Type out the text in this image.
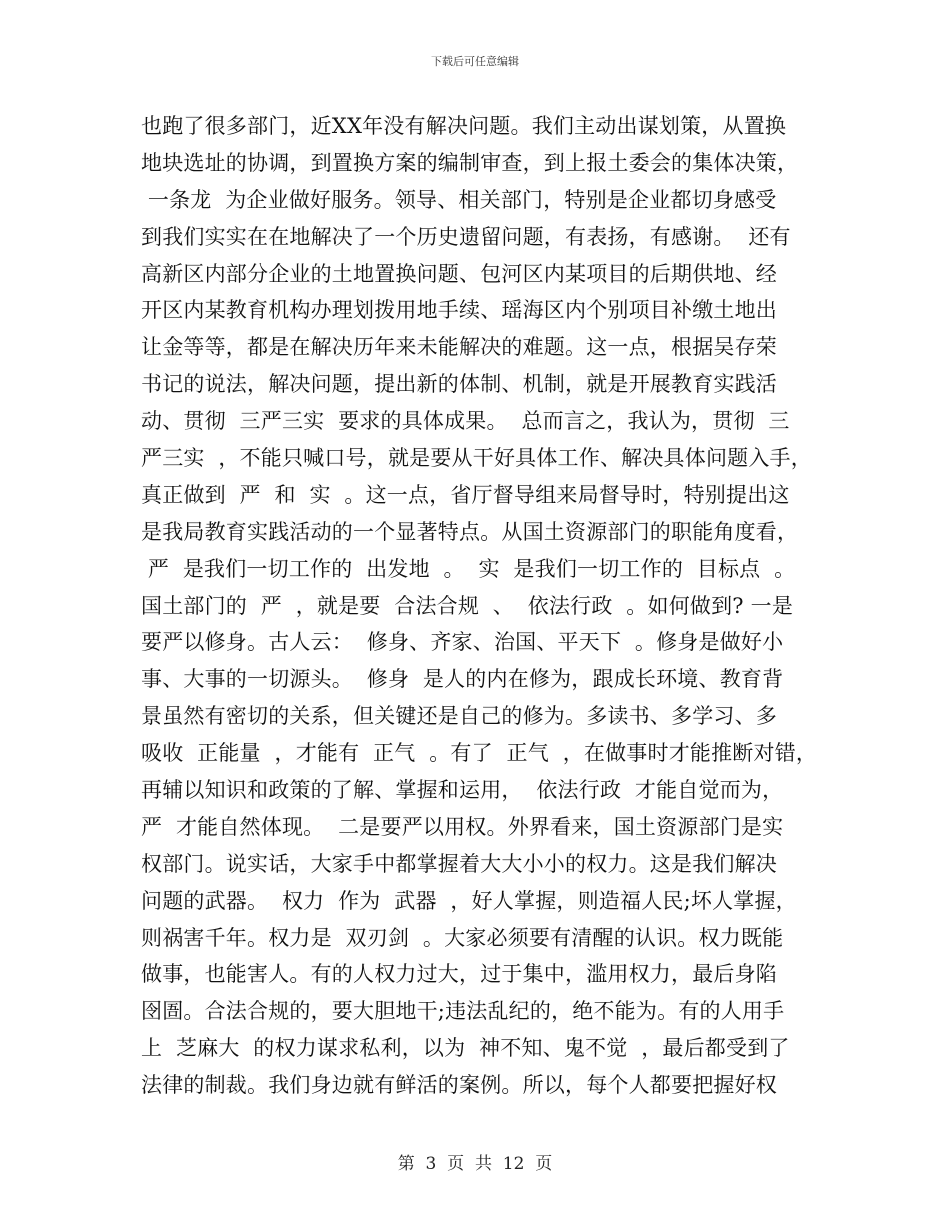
下载后可任意编辑
也跑了很多部门，近XX年没有解决问题。我们主动出谋划策，从置换
地块选址的协调，到置换方案的编制审查，到上报土委会的集体决策，
一条龙  为企业做好服务。领导、相关部门，特别是企业都切身感受
到我们实实在在地解决了一个历史遗留问题，有表扬，有感谢。  还有
高新区内部分企业的土地置换问题、包河区内某项目的后期供地、经
开区内某教育机构办理划拨用地手续、瑶海区内个别项目补缴土地出
让金等等，都是在解决历年来未能解决的难题。这一点，根据吴存荣
书记的说法，解决问题，提出新的体制、机制，就是开展教育实践活
动、贯彻  三严三实  要求的具体成果。  总而言之，我认为，贯彻  三
严三实  ，不能只喊口号，就是要从干好具体工作、解决具体问题入手，
真正做到  严  和  实  。这一点，省厅督导组来局督导时，特别提出这
是我局教育实践活动的一个显著特点。从国土资源部门的职能角度看，
严  是我们一切工作的  出发地  。  实  是我们一切工作的  目标点  。
国土部门的  严  ，就是要  合法合规  、  依法行政  。如何做到? 一是
要严以修身。古人云：  修身、齐家、治国、平天下  。修身是做好小
事、大事的一切源头。  修身  是人的内在修为，跟成长环境、教育背
景虽然有密切的关系，但关键还是自己的修为。多读书、多学习、多
吸收  正能量  ，才能有  正气  。有了  正气  ，在做事时才能推断对错，
再辅以知识和政策的了解、掌握和运用，  依法行政  才能自觉而为，
严  才能自然体现。  二是要严以用权。外界看来，国土资源部门是实
权部门。说实话，大家手中都掌握着大大小小的权力。这是我们解决
问题的武器。  权力  作为  武器  ，好人掌握，则造福人民;坏人掌握，
则祸害千年。权力是  双刃剑  。大家必须要有清醒的认识。权力既能
做事，也能害人。有的人权力过大，过于集中，滥用权力，最后身陷
囹圄。合法合规的，要大胆地干;违法乱纪的，绝不能为。有的人用手
上  芝麻大  的权力谋求私利，以为  神不知、鬼不觉  ，最后都受到了
法律的制裁。我们身边就有鲜活的案例。所以，每个人都要把握好权
第  3  页  共  12  页
